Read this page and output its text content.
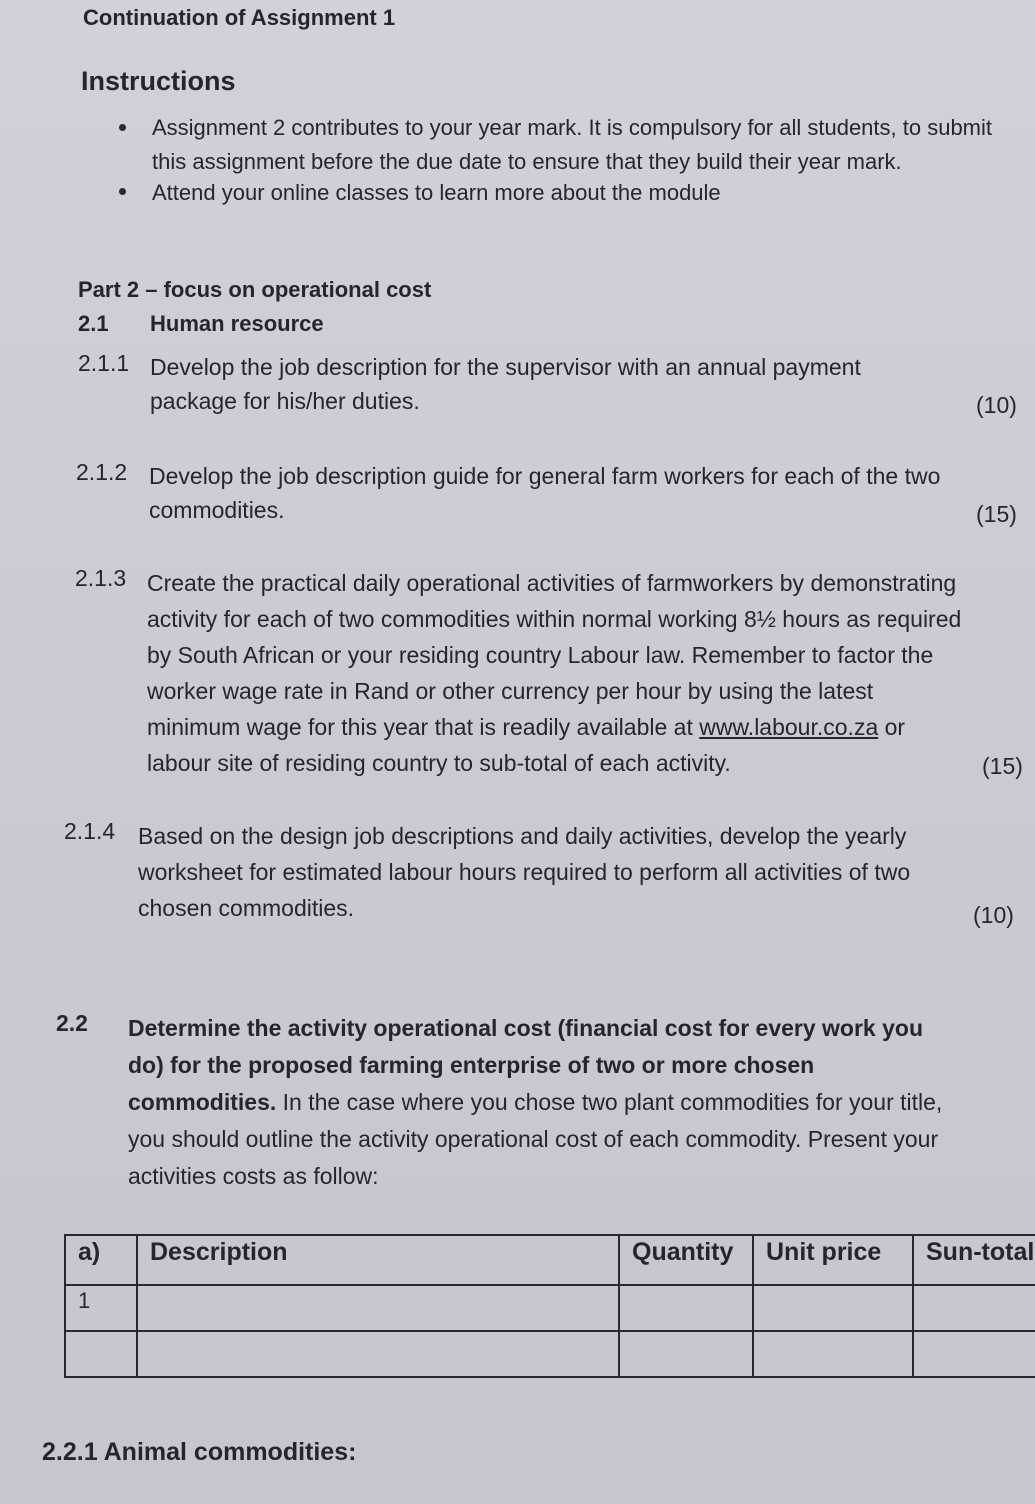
Continuation of Assignment 1
Instructions
Assignment 2 contributes to your year mark. It is compulsory for all students, to submit
this assignment before the due date to ensure that they build their year mark.
Attend your online classes to learn more about the module
Part 2 – focus on operational cost
2.1 Human resource
2.1.1 Develop the job description for the supervisor with an annual payment
package for his/her duties.	(10)
2.1.2 Develop the job description guide for general farm workers for each of the two
commodities.	(15)
2.1.3 Create the practical daily operational activities of farmworkers by demonstrating
activity for each of two commodities within normal working 8½ hours as required
by South African or your residing country Labour law. Remember to factor the
worker wage rate in Rand or other currency per hour by using the latest
minimum wage for this year that is readily available at www.labour.co.za or
labour site of residing country to sub-total of each activity.	(15)
2.1.4 Based on the design job descriptions and daily activities, develop the yearly
worksheet for estimated labour hours required to perform all activities of two
chosen commodities.	(10)
2.2 Determine the activity operational cost (financial cost for every work you
do) for the proposed farming enterprise of two or more chosen
commodities. In the case where you chose two plant commodities for your title,
you should outline the activity operational cost of each commodity. Present your
activities costs as follow:
a)	Description	Quantity	Unit price	Sun-total
1				

2.2.1 Animal commodities:
